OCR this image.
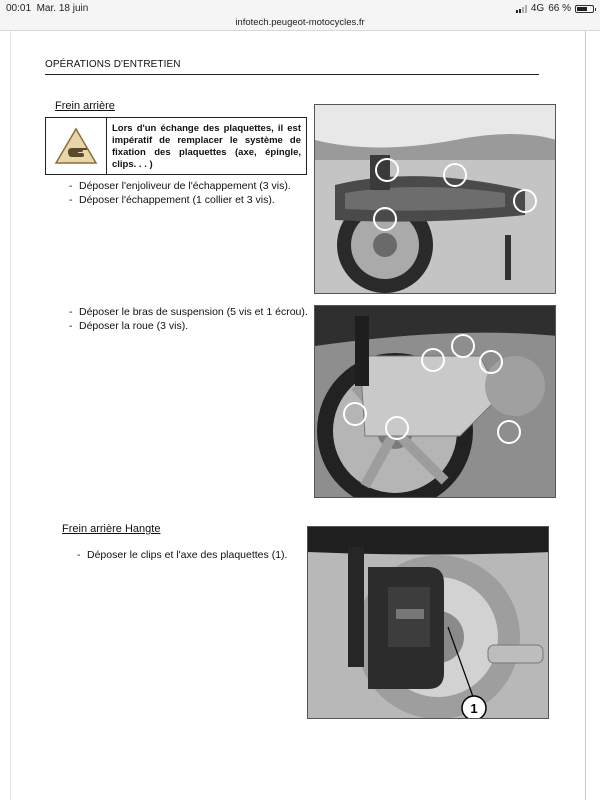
00:01 Mar. 18 juin
infotech.peugeot-motocycles.fr
4G 66 %
OPÉRATIONS D'ENTRETIEN
Frein arrière
Lors d'un échange des plaquettes, il est impératif de remplacer le système de fixation des plaquettes (axe, épingle, clips. . . )
- Déposer l'enjoliveur de l'échappement (3 vis).
- Déposer l'échappement (1 collier et 3 vis).
- Déposer le bras de suspension (5 vis et 1 écrou).
- Déposer la roue (3 vis).
Frein arrière Hangte
- Déposer le clips et l'axe des plaquettes (1).
1
